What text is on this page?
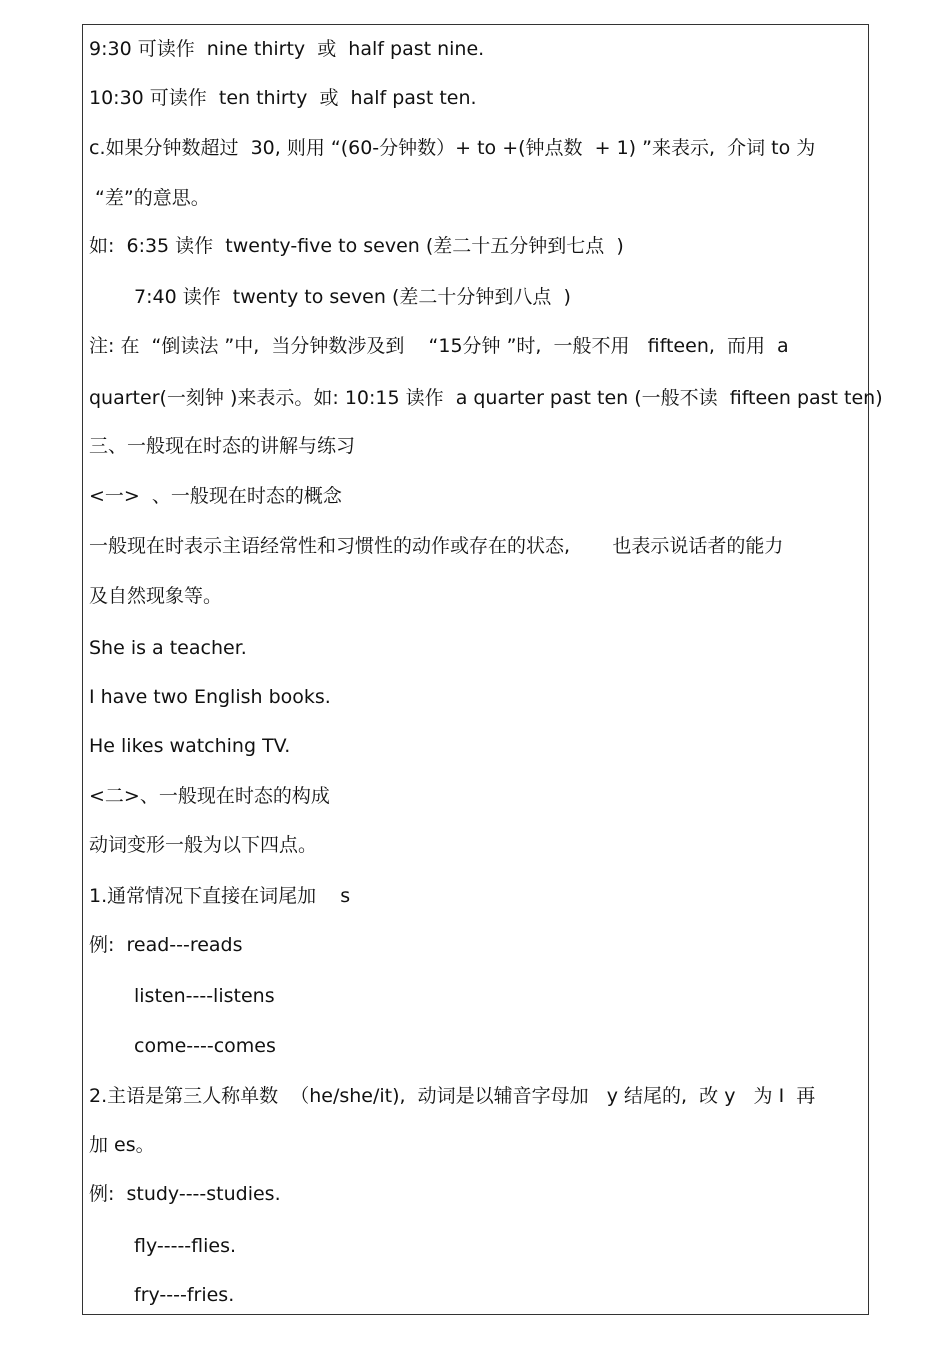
9:30 可读作  nine thirty  或  half past nine.
10:30 可读作  ten thirty  或  half past ten.
c.如果分钟数超过  30, 则用 “(60-分钟数）+ to +(钟点数  + 1) ”来表示,  介词 to 为
“差”的意思。
如:  6:35 读作  twenty-five to seven (差二十五分钟到七点  )
7:40 读作  twenty to seven (差二十分钟到八点  )
注: 在  “倒读法 ”中,  当分钟数涉及到    “15分钟 ”时,  一般不用   fifteen,  而用  a
quarter(一刻钟 )来表示。如: 10:15 读作  a quarter past ten (一般不读  fifteen past ten)
三、一般现在时态的讲解与练习
<一>  、一般现在时态的概念
一般现在时表示主语经常性和习惯性的动作或存在的状态,       也表示说话者的能力
及自然现象等。
She is a teacher.
I have two English books.
He likes watching TV.
<二>、一般现在时态的构成
动词变形一般为以下四点。
1.通常情况下直接在词尾加    s
例:  read---reads
listen----listens
come----comes
2.主语是第三人称单数  （he/she/it),  动词是以辅音字母加   y 结尾的,  改 y   为 I  再
加 es。
例:  study----studies.
fly-----flies.
fry----fries.
